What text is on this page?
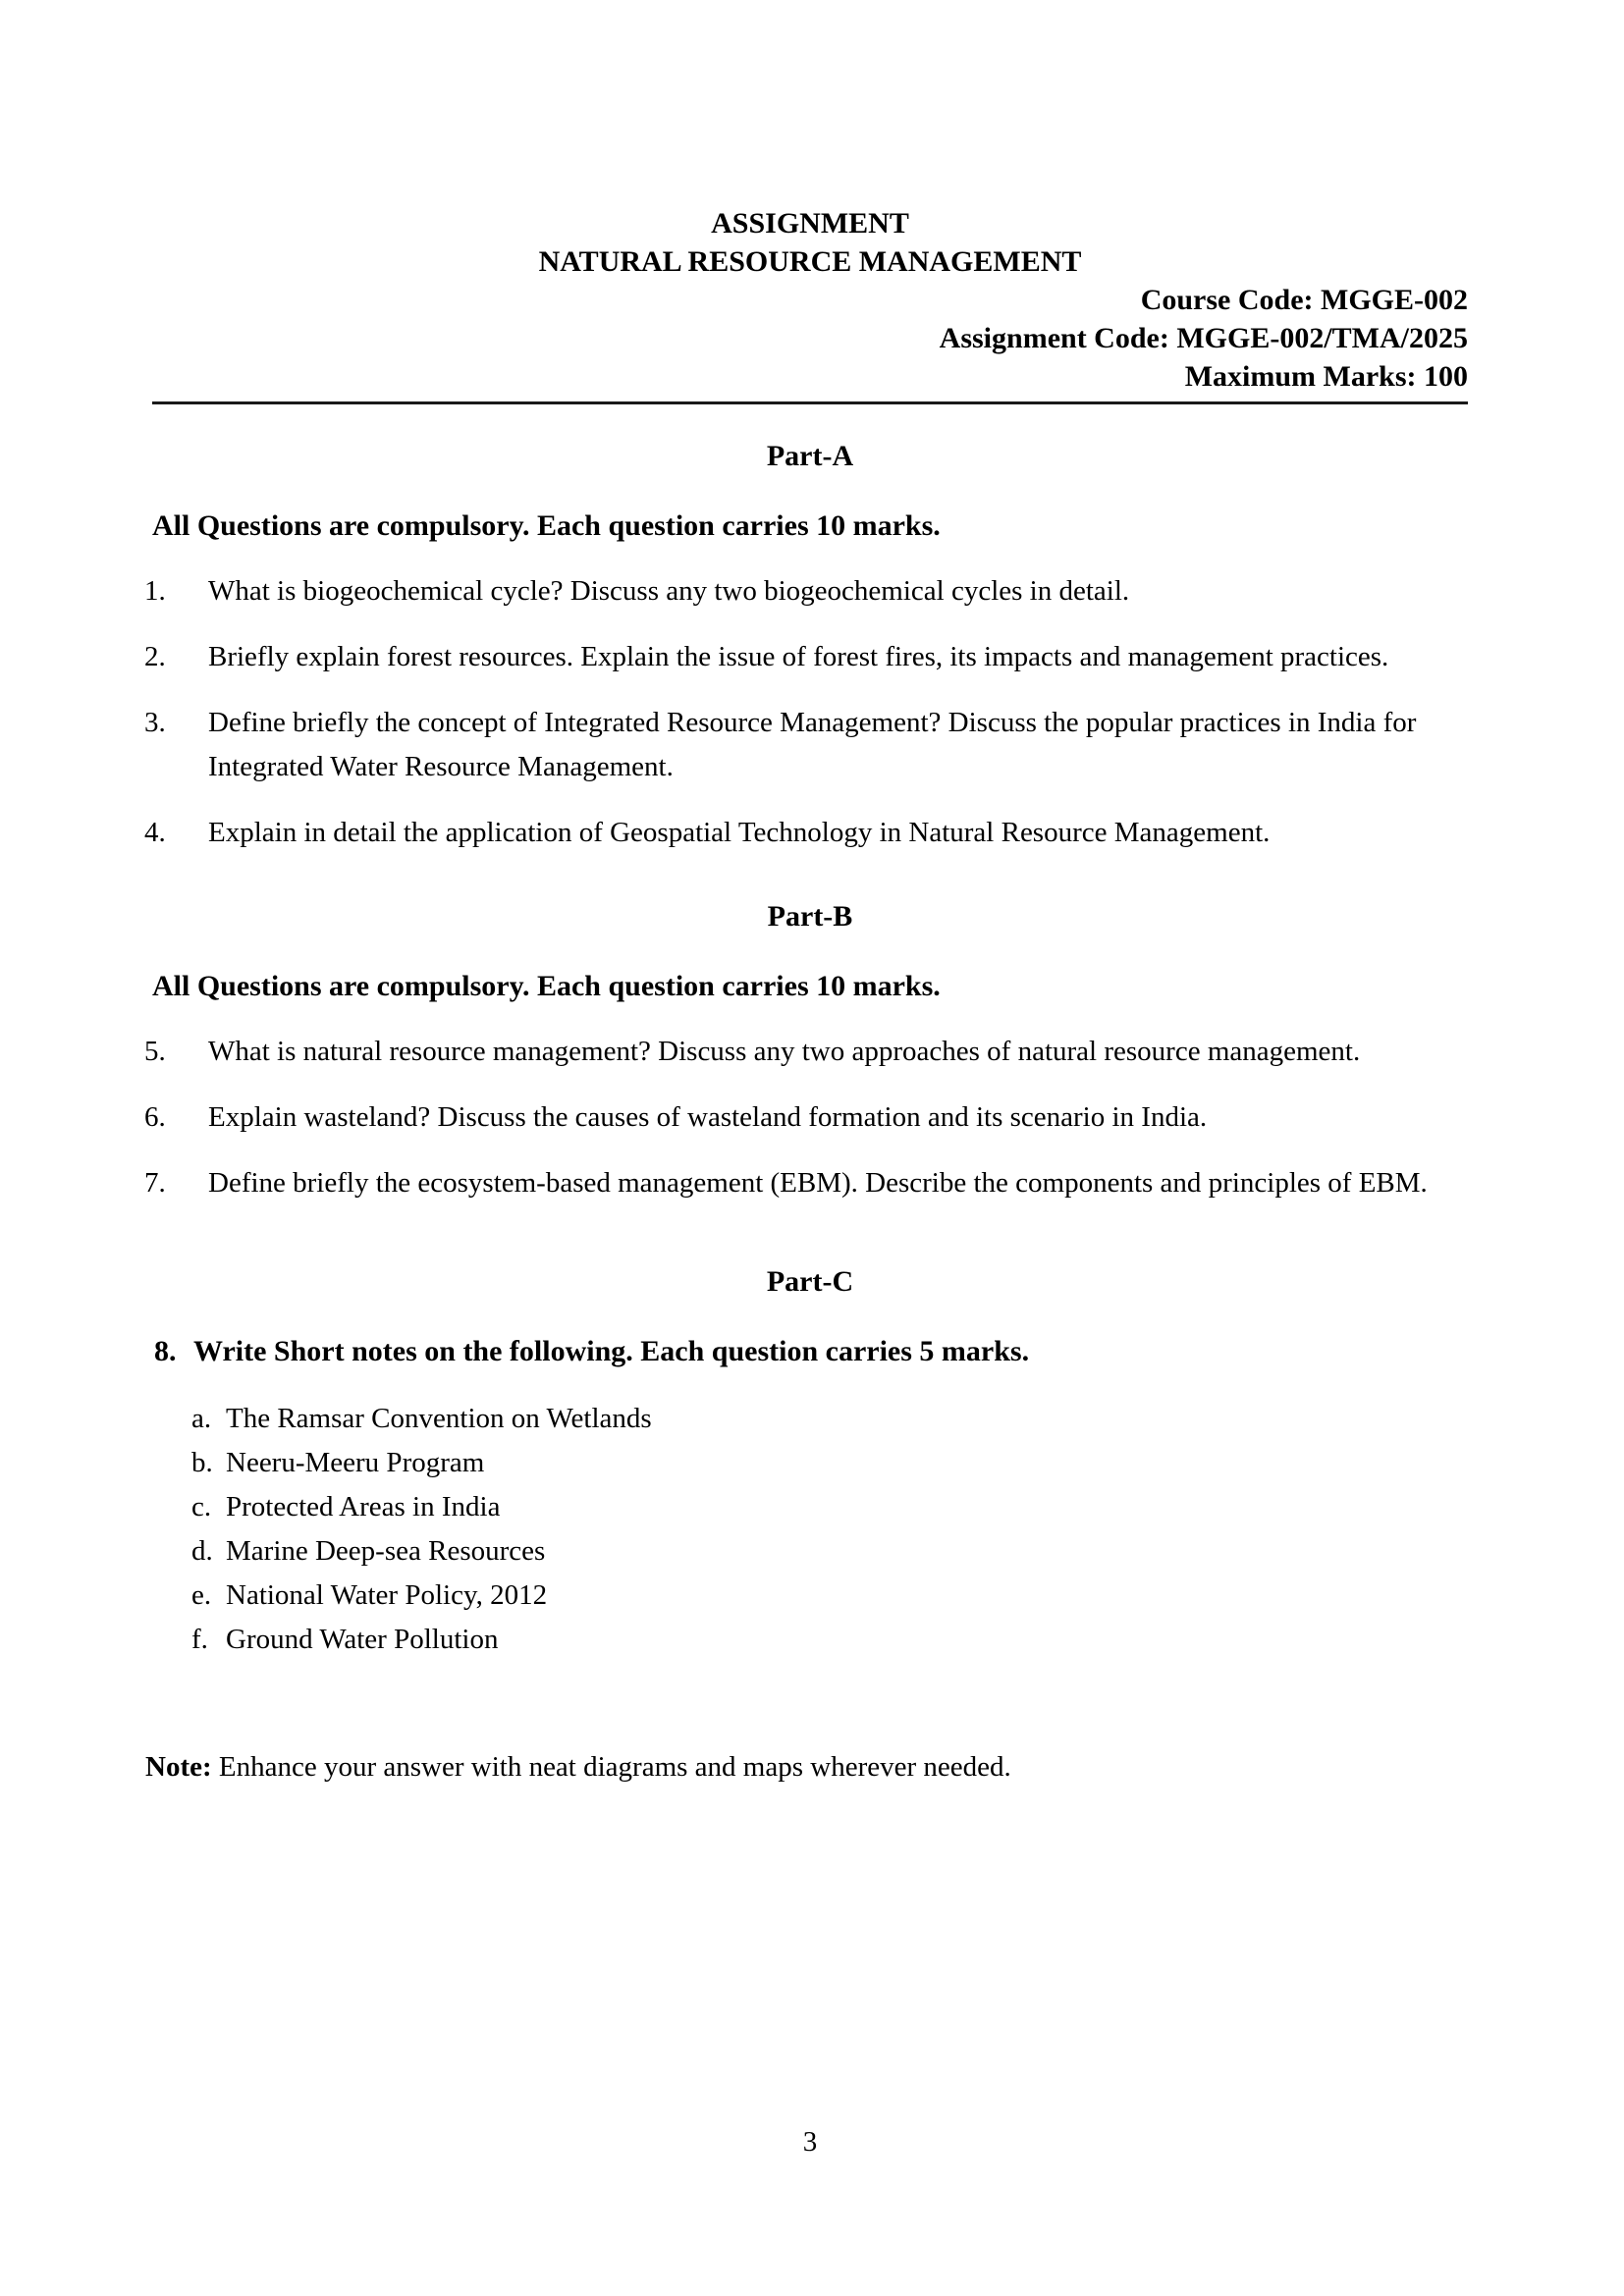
ASSIGNMENT

NATURAL RESOURCE MANAGEMENT

Course Code: MGGE-002

Assignment Code: MGGE-002/TMA/2025

Maximum Marks: 100

Part-A

All Questions are compulsory. Each question carries 10 marks.

1.	What is biogeochemical cycle? Discuss any two biogeochemical cycles in detail.
2.	Briefly explain forest resources. Explain the issue of forest fires, its impacts and management practices.
3.	Define briefly the concept of Integrated Resource Management? Discuss the popular practices in India for Integrated Water Resource Management.
4.	Explain in detail the application of Geospatial Technology in Natural Resource Management.

Part-B

All Questions are compulsory. Each question carries 10 marks.

5.	What is natural resource management? Discuss any two approaches of natural resource management.
6.	Explain wasteland? Discuss the causes of wasteland formation and its scenario in India.
7.	Define briefly the ecosystem-based management (EBM). Describe the components and principles of EBM.

Part-C

8. Write Short notes on the following. Each question carries 5 marks.
a. The Ramsar Convention on Wetlands
b. Neeru-Meeru Program
c. Protected Areas in India
d. Marine Deep-sea Resources
e. National Water Policy, 2012
f. Ground Water Pollution

Note: Enhance your answer with neat diagrams and maps wherever needed.

3
